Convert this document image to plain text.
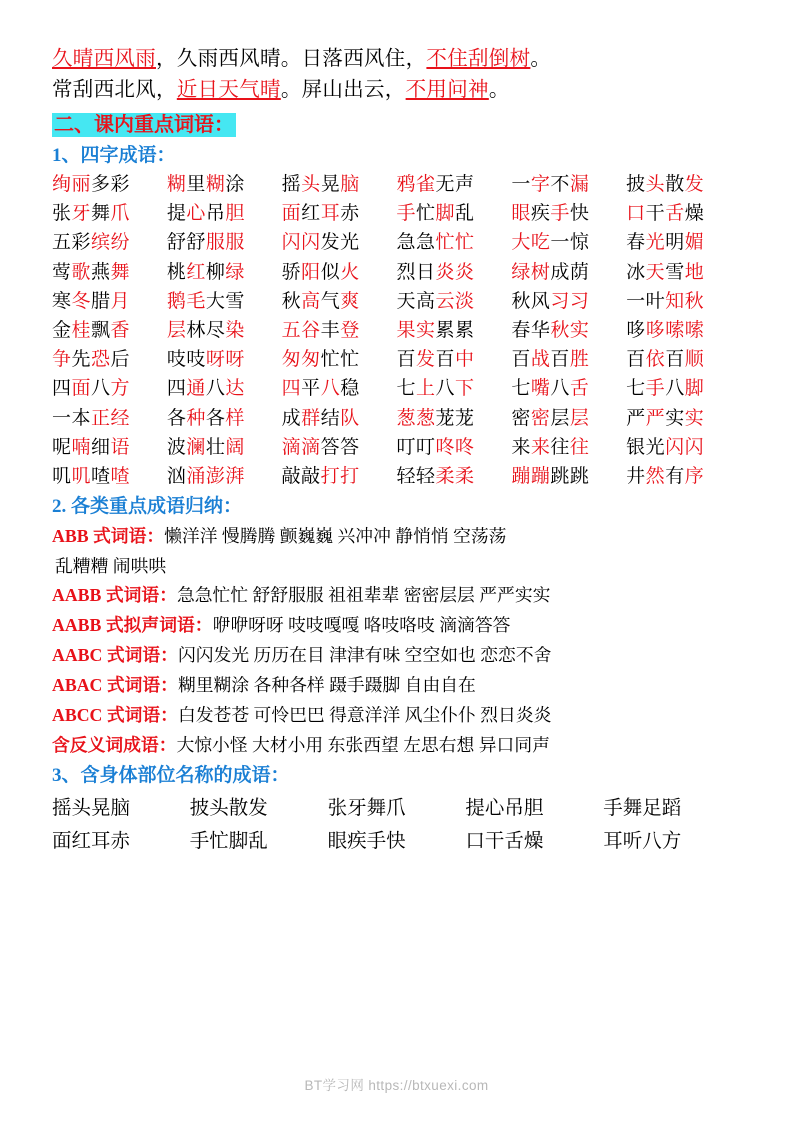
久晴西风雨，久雨西风晴。日落西风住，不住刮倒树。
常刮西北风，近日天气晴。屏山出云，不用问神。
二、课内重点词语：
1、四字成语：
绚丽多彩	糊里糊涂	摇头晃脑	鸦雀无声	一字不漏	披头散发
张牙舞爪	提心吊胆	面红耳赤	手忙脚乱	眼疾手快	口干舌燥
五彩缤纷	舒舒服服	闪闪发光	急急忙忙	大吃一惊	春光明媚
莺歌燕舞	桃红柳绿	骄阳似火	烈日炎炎	绿树成荫	冰天雪地
寒冬腊月	鹅毛大雪	秋高气爽	天高云淡	秋风习习	一叶知秋
金桂飘香	层林尽染	五谷丰登	果实累累	春华秋实	哆哆嗦嗦
争先恐后	吱吱呀呀	匆匆忙忙	百发百中	百战百胜	百依百顺
四面八方	四通八达	四平八稳	七上八下	七嘴八舌	七手八脚
一本正经	各种各样	成群结队	葱葱茏茏	密密层层	严严实实
呢喃细语	波澜壮阔	滴滴答答	叮叮咚咚	来来往往	银光闪闪
叽叽喳喳	汹涌澎湃	敲敲打打	轻轻柔柔	蹦蹦跳跳	井然有序
2. 各类重点成语归纳：
ABB 式词语：懒洋洋 慢腾腾 颤巍巍 兴冲冲 静悄悄 空荡荡
乱糟糟 闹哄哄
AABB 式词语：急急忙忙 舒舒服服 祖祖辈辈 密密层层 严严实实
AABB 式拟声词语：咿咿呀呀 吱吱嘎嘎 咯吱咯吱 滴滴答答
AABC 式词语：闪闪发光 历历在目 津津有味 空空如也 恋恋不舍
ABAC 式词语：糊里糊涂 各种各样 蹑手蹑脚 自由自在
ABCC 式词语：白发苍苍 可怜巴巴 得意洋洋 风尘仆仆 烈日炎炎
含反义词成语：大惊小怪 大材小用 东张西望 左思右想 异口同声
3、含身体部位名称的成语：
摇头晃脑	披头散发	张牙舞爪	提心吊胆	手舞足蹈
面红耳赤	手忙脚乱	眼疾手快	口干舌燥	耳听八方
BT学习网 https://btxuexi.com
